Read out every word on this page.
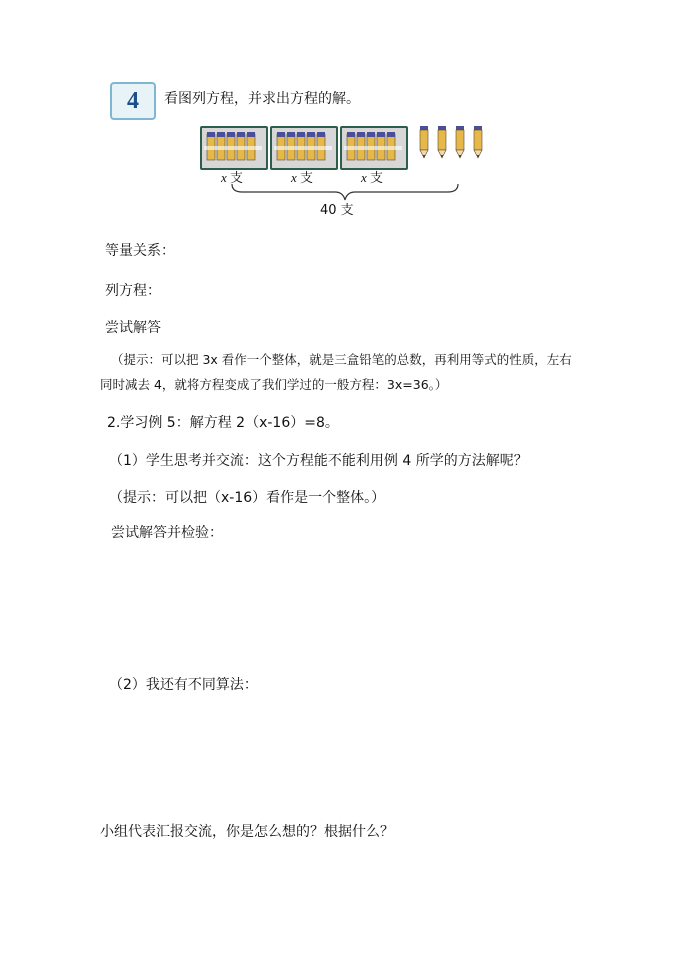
4 看图列方程，并求出方程的解。
x 支	x 支	x 支
40 支
等量关系：
列方程：
尝试解答
（提示：可以把 3x 看作一个整体，就是三盒铅笔的总数，再利用等式的性质，左右
同时减去 4，就将方程变成了我们学过的一般方程：3x=36。）
2.学习例 5：解方程 2（x-16）=8。
（1）学生思考并交流：这个方程能不能利用例 4 所学的方法解呢？
（提示：可以把（x-16）看作是一个整体。）
尝试解答并检验：
（2）我还有不同算法：
小组代表汇报交流，你是怎么想的？根据什么？
